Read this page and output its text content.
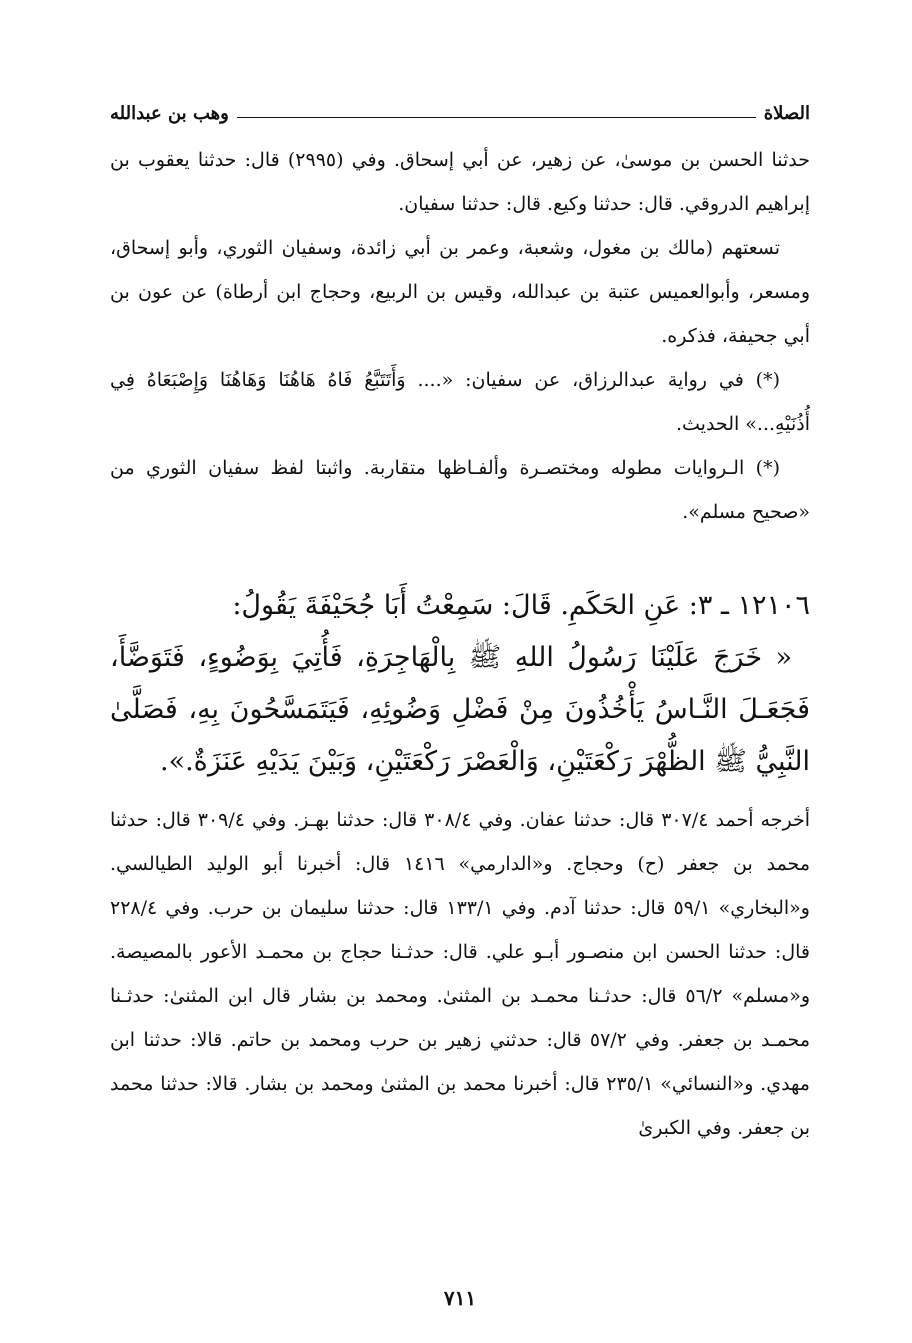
الصلاة
وهب بن عبدالله

حدثنا الحسن بن موسىٰ، عن زهير، عن أبي إسحاق. وفي (٢٩٩٥) قال: حدثنا يعقوب بن إبراهيم الدروقي. قال: حدثنا وكيع. قال: حدثنا سفيان.

تسعتهم (مالك بن مغول، وشعبة، وعمر بن أبي زائدة، وسفيان الثوري، وأبو إسحاق، ومسعر، وأبوالعميس عتبة بن عبدالله، وقيس بن الربيع، وحجاج ابن أرطاة) عن عون بن أبي جحيفة، فذكره.

(*) في رواية عبدالرزاق، عن سفيان: «.... وَأَتَتَبَّعُ فَاهُ هَاهُنَا وَهَاهُنَا وَإِصْبَعَاهُ فِي أُذُنَيْهِ...» الحديث.

(*) الـروايات مطوله ومختصـرة وألفـاظها متقاربة. واثبتا لفظ سفيان الثوري من «صحيح مسلم».

١٢١٠٦ ـ ٣: عَنِ الحَكَمِ. قَالَ: سَمِعْتُ أَبَا جُحَيْفَةَ يَقُولُ:

« خَرَجَ عَلَيْنَا رَسُولُ اللهِ ﷺ بِالْهَاجِرَةِ، فَأُتِيَ بِوَضُوءٍ، فَتَوَضَّأَ، فَجَعَـلَ النَّـاسُ يَأْخُذُونَ مِنْ فَضْلِ وَضُوئِهِ، فَيَتَمَسَّحُونَ بِهِ، فَصَلَّىٰ النَّبِيُّ ﷺ الظُّهْرَ رَكْعَتَيْنِ، وَالْعَصْرَ رَكْعَتَيْنِ، وَبَيْنَ يَدَيْهِ عَنَزَةٌ.».

أخرجه أحمد ٣٠٧/٤ قال: حدثنا عفان. وفي ٣٠٨/٤ قال: حدثنا بهـز. وفي ٣٠٩/٤ قال: حدثنا محمد بن جعفر (ح) وحجاج. و«الدارمي» ١٤١٦ قال: أخبرنا أبو الوليد الطيالسي. و«البخاري» ٥٩/١ قال: حدثنا آدم. وفي ١٣٣/١ قال: حدثنا سليمان بن حرب. وفي ٢٢٨/٤ قال: حدثنا الحسن ابن منصـور أبـو علي. قال: حدثـنا حجاج بن محمـد الأعور بالمصيصة. و«مسلم» ٥٦/٢ قال: حدثـنا محمـد بن المثنىٰ. ومحمد بن بشار قال ابن المثنىٰ: حدثـنا محمـد بن جعفر. وفي ٥٧/٢ قال: حدثني زهير بن حرب ومحمد بن حاتم. قالا: حدثنا ابن مهدي. و«النسائي» ٢٣٥/١ قال: أخبرنا محمد بن المثنىٰ ومحمد بن بشار. قالا: حدثنا محمد بن جعفر. وفي الكبرىٰ

٧١١
